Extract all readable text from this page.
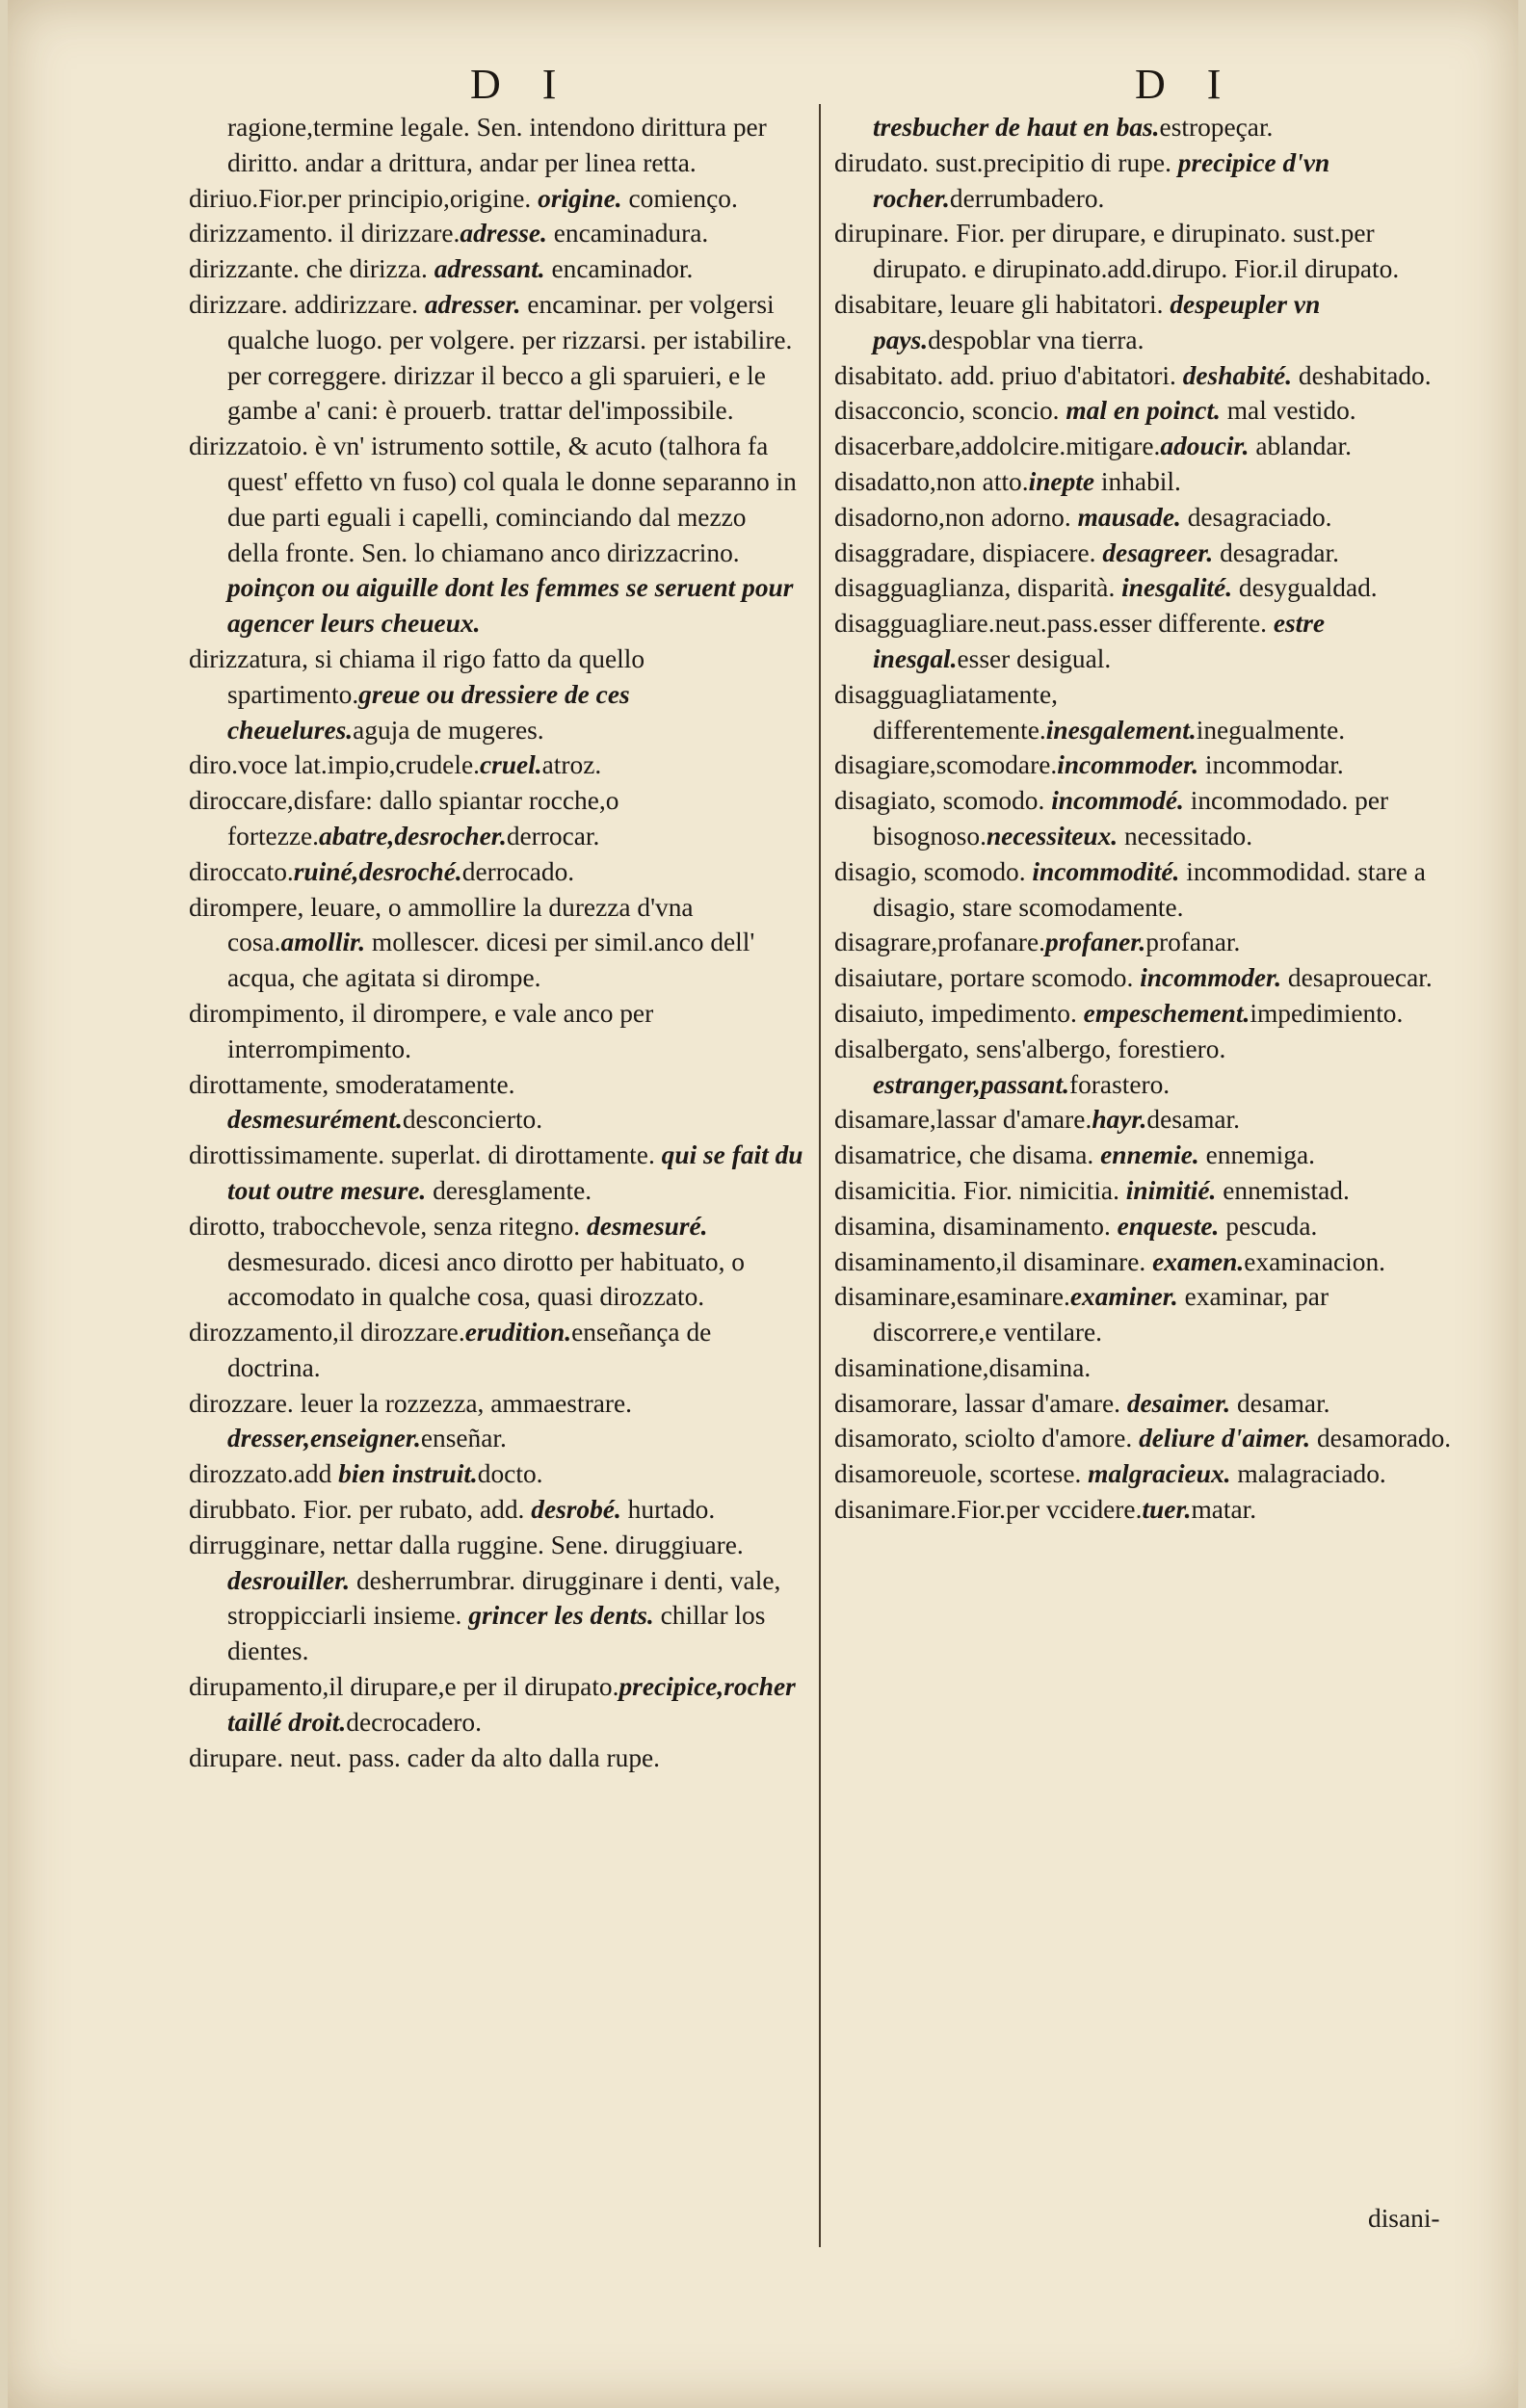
D I	D I

ragione,termine legale. Sen. intendono dirittura per diritto. andar a drittura, andar per linea retta.

diriuo.Fior.per principio,origine. origine. comienço.

dirizzamento. il dirizzare.adresse. encaminadura.

dirizzante. che dirizza. adressant. encaminador.

dirizzare. addirizzare. adresser. encaminar. per volgersi qualche luogo. per volgere. per rizzarsi. per istabilire. per correggere. dirizzar il becco a gli sparuieri, e le gambe a' cani: è prouerb. trattar del'impossibile.

dirizzatoio. è vn' istrumento sottile, & acuto (talhora fa quest' effetto vn fuso) col quala le donne separanno in due parti eguali i capelli, cominciando dal mezzo della fronte. Sen. lo chiamano anco dirizzacrino. poinçon ou aiguille dont les femmes se seruent pour agencer leurs cheueux.

dirizzatura, si chiama il rigo fatto da quello spartimento.greue ou dressiere de ces cheuelures.aguja de mugeres.

diro.voce lat.impio,crudele.cruel.atroz.

diroccare,disfare: dallo spiantar rocche,o fortezze.abatre,desrocher.derrocar.

diroccato.ruiné,desroché.derrocado.

dirompere, leuare, o ammollire la durezza d'vna cosa.amollir. mollescer. dicesi per simil.anco dell' acqua, che agitata si dirompe.

dirompimento, il dirompere, e vale anco per interrompimento.

dirottamente, smoderatamente. desmesurément.desconcierto.

dirottissimamente. superlat. di dirottamente. qui se fait du tout outre mesure. deresglamente.

dirotto, trabocchevole, senza ritegno. desmesuré. desmesurado. dicesi anco dirotto per habituato, o accomodato in qualche cosa, quasi dirozzato.

dirozzamento,il dirozzare.erudition.enseñança de doctrina.

dirozzare. leuer la rozzezza, ammaestrare. dresser,enseigner.enseñar.

dirozzato.add bien instruit.docto.

dirubbato. Fior. per rubato, add. desrobé. hurtado.

dirrugginare, nettar dalla ruggine. Sene. diruggiuare. desrouiller. desherrumbrar. dirugginare i denti, vale, stroppicciarli insieme. grincer les dents. chillar los dientes.

dirupamento,il dirupare,e per il dirupato.precipice,rocher taillé droit.decrocadero.

dirupare. neut. pass. cader da alto dalla rupe.

tresbucher de haut en bas.estropeçar.

dirudato. sust.precipitio di rupe. precipice d'vn rocher.derrumbadero.

dirupinare. Fior. per dirupare, e dirupinato. sust.per dirupato. e dirupinato.add.dirupo. Fior.il dirupato.

disabitare, leuare gli habitatori. despeupler vn pays.despoblar vna tierra.

disabitato. add. priuo d'abitatori. deshabité. deshabitado.

disacconcio, sconcio. mal en poinct. mal vestido.

disacerbare,addolcire.mitigare.adoucir. ablandar.

disadatto,non atto.inepte inhabil.

disadorno,non adorno. mausade. desagraciado.

disaggradare, dispiacere. desagreer. desagradar.

disagguaglianza, disparità. inesgalité. desygualdad.

disagguagliare.neut.pass.esser differente. estre inesgal.esser desigual.

disagguagliatamente, differentemente.inesgalement.inegualmente.

disagiare,scomodare.incommoder. incommodar.

disagiato, scomodo. incommodé. incommodado. per bisognoso.necessiteux. necessitado.

disagio, scomodo. incommodité. incommodidad. stare a disagio, stare scomodamente.

disagrare,profanare.profaner.profanar.

disaiutare, portare scomodo. incommoder. desaprouecar.

disaiuto, impedimento. empeschement.impedimiento.

disalbergato, sens'albergo, forestiero. estranger,passant.forastero.

disamare,lassar d'amare.hayr.desamar.

disamatrice, che disama. ennemie. ennemiga.

disamicitia. Fior. nimicitia. inimitié. ennemistad.

disamina, disaminamento. enqueste. pescuda.

disaminamento,il disaminare. examen.examinacion.

disaminare,esaminare.examiner. examinar, par discorrere,e ventilare.

disaminatione,disamina.

disamorare, lassar d'amare. desaimer. desamar.

disamorato, sciolto d'amore. deliure d'aimer. desamorado.

disamoreuole, scortese. malgracieux. malagraciado.

disanimare.Fior.per vccidere.tuer.matar.

disani-
